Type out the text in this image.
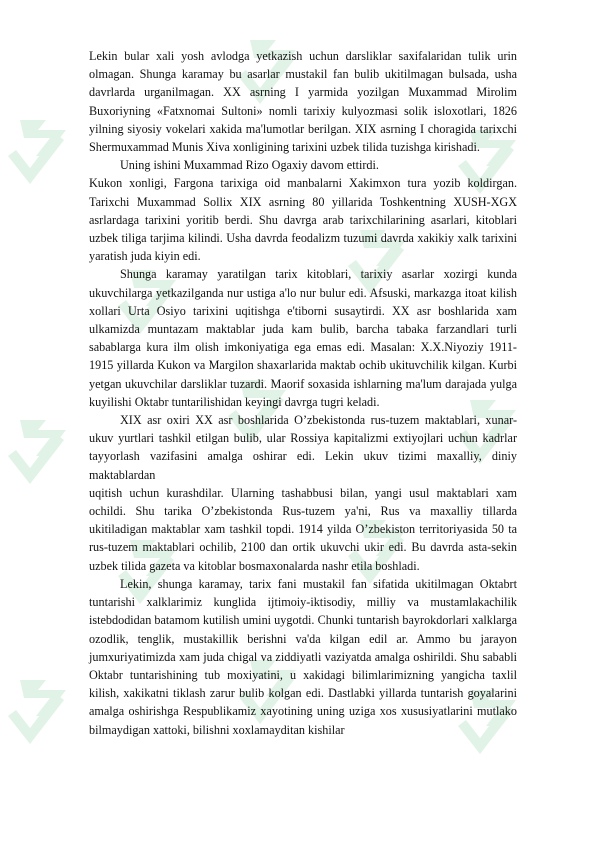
Lekin bular xali yosh avlodga yetkazish uchun darsliklar saxifalaridan tulik urin olmagan. Shunga karamay bu asarlar mustakil fan bulib ukitilmagan bulsada, usha davrlarda urganilmagan. XX asrning I yarmida yozilgan Muxammad Mirolim Buxoriyning «Fatxnomai Sultoni» nomli tarixiy kulyozmasi solik isloxotlari, 1826 yilning siyosiy vokelari xakida ma'lumotlar berilgan. XIX asrning I choragida tarixchi Shermuxammad Munis Xiva xonligining tarixini uzbek tilida tuzishga kirishadi.

Uning ishini Muxammad Rizo Ogaxiy davom ettirdi.

Kukon xonligi, Fargona tarixiga oid manbalarni Xakimxon tura yozib koldirgan. Tarixchi Muxammad Sollix XIX asrning 80 yillarida Toshkentning XUSH-XGX asrlardaga tarixini yoritib berdi. Shu davrga arab tarixchilarining asarlari, kitoblari uzbek tiliga tarjima kilindi. Usha davrda feodalizm tuzumi davrda xakikiy xalk tarixini yaratish juda kiyin edi.

Shunga karamay yaratilgan tarix kitoblari, tarixiy asarlar xozirgi kunda ukuvchilarga yetkazilganda nur ustiga a'lo nur bulur edi. Afsuski, markazga itoat kilish xollari Urta Osiyo tarixini uqitishga e'tiborni susaytirdi. XX asr boshlarida xam ulkamizda muntazam maktablar juda kam bulib, barcha tabaka farzandlari turli sabablarga kura ilm olish imkoniyatiga ega emas edi. Masalan: X.X.Niyoziy 1911-1915 yillarda Kukon va Margilon shaxarlarida maktab ochib ukituvchilik kilgan. Kurbi yetgan ukuvchilar darsliklar tuzardi. Maorif soxasida ishlarning ma'lum darajada yulga kuyilishi Oktabr tuntarilishidan keyingi davrga tugri keladi.

XIX asr oxiri XX asr boshlarida O’zbekistonda rus-tuzem maktablari, xunar-ukuv yurtlari tashkil etilgan bulib, ular Rossiya kapitalizmi extiyojlari uchun kadrlar tayyorlash vazifasini amalga oshirar edi. Lekin ukuv tizimi maxalliy, diniy maktablardan

uqitish uchun kurashdilar. Ularning tashabbusi bilan, yangi usul maktablari xam ochildi. Shu tarika O’zbekistonda Rus-tuzem ya'ni, Rus va maxalliy tillarda ukitiladigan maktablar xam tashkil topdi. 1914 yilda O’zbekiston territoriyasida 50 ta rus-tuzem maktablari ochilib, 2100 dan ortik ukuvchi ukir edi. Bu davrda asta-sekin uzbek tilida gazeta va kitoblar bosmaxonalarda nashr etila boshladi.

Lekin, shunga karamay, tarix fani mustakil fan sifatida ukitilmagan Oktabrt tuntarishi xalklarimiz kunglida ijtimoiy-iktisodiy, milliy va mustamlakachilik istebdodidan batamom kutilish umini uygotdi. Chunki tuntarish bayrokdorlari xalklarga ozodlik, tenglik, mustakillik berishni va'da kilgan edil ar. Ammo bu jarayon jumxuriyatimizda xam juda chigal va ziddiyatli vaziyatda amalga oshirildi. Shu sababli Oktabr tuntarishining tub moxiyatini, u xakidagi bilimlarimizning yangicha taxlil kilish, xakikatni tiklash zarur bulib kolgan edi. Dastlabki yillarda tuntarish goyalarini amalga oshirishga Respublikamiz xayotining uning uziga xos xususiyatlarini mutlako bilmaydigan xattoki, bilishni xoxlamayditan kishilar
